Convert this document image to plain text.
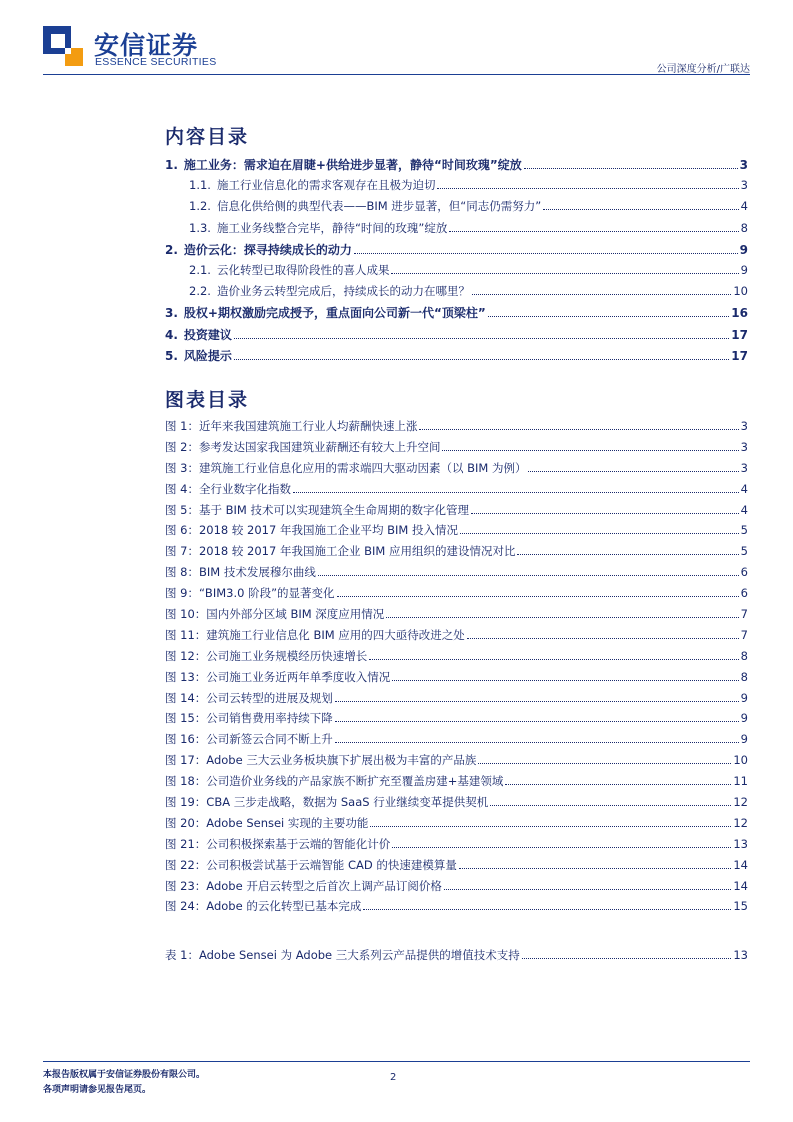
安信证券
ESSENCE SECURITIES
公司深度分析/广联达
内容目录
1. 施工业务：需求迫在眉睫+供给进步显著，静待“时间玫瑰”绽放	3
1.1. 施工行业信息化的需求客观存在且极为迫切	3
1.2. 信息化供给侧的典型代表——BIM 进步显著，但“同志仍需努力”	4
1.3. 施工业务线整合完毕，静待“时间的玫瑰”绽放	8
2. 造价云化：探寻持续成长的动力	9
2.1. 云化转型已取得阶段性的喜人成果	9
2.2. 造价业务云转型完成后，持续成长的动力在哪里？	10
3. 股权+期权激励完成授予，重点面向公司新一代“顶梁柱”	16
4. 投资建议	17
5. 风险提示	17
图表目录
图 1：近年来我国建筑施工行业人均薪酬快速上涨	3
图 2：参考发达国家我国建筑业薪酬还有较大上升空间	3
图 3：建筑施工行业信息化应用的需求端四大驱动因素（以 BIM 为例）	3
图 4：全行业数字化指数	4
图 5：基于 BIM 技术可以实现建筑全生命周期的数字化管理	4
图 6：2018 较 2017 年我国施工企业平均 BIM 投入情况	5
图 7：2018 较 2017 年我国施工企业 BIM 应用组织的建设情况对比	5
图 8：BIM 技术发展穆尔曲线	6
图 9：“BIM3.0 阶段”的显著变化	6
图 10：国内外部分区域 BIM 深度应用情况	7
图 11：建筑施工行业信息化 BIM 应用的四大亟待改进之处	7
图 12：公司施工业务规模经历快速增长	8
图 13：公司施工业务近两年单季度收入情况	8
图 14：公司云转型的进展及规划	9
图 15：公司销售费用率持续下降	9
图 16：公司新签云合同不断上升	9
图 17：Adobe 三大云业务板块旗下扩展出极为丰富的产品族	10
图 18：公司造价业务线的产品家族不断扩充至覆盖房建+基建领域	11
图 19：CBA 三步走战略，数据为 SaaS 行业继续变革提供契机	12
图 20：Adobe Sensei 实现的主要功能	12
图 21：公司积极探索基于云端的智能化计价	13
图 22：公司积极尝试基于云端智能 CAD 的快速建模算量	14
图 23：Adobe 开启云转型之后首次上调产品订阅价格	14
图 24：Adobe 的云化转型已基本完成	15
表 1：Adobe Sensei 为 Adobe 三大系列云产品提供的增值技术支持	13
本报告版权属于安信证券股份有限公司。
各项声明请参见报告尾页。
2
